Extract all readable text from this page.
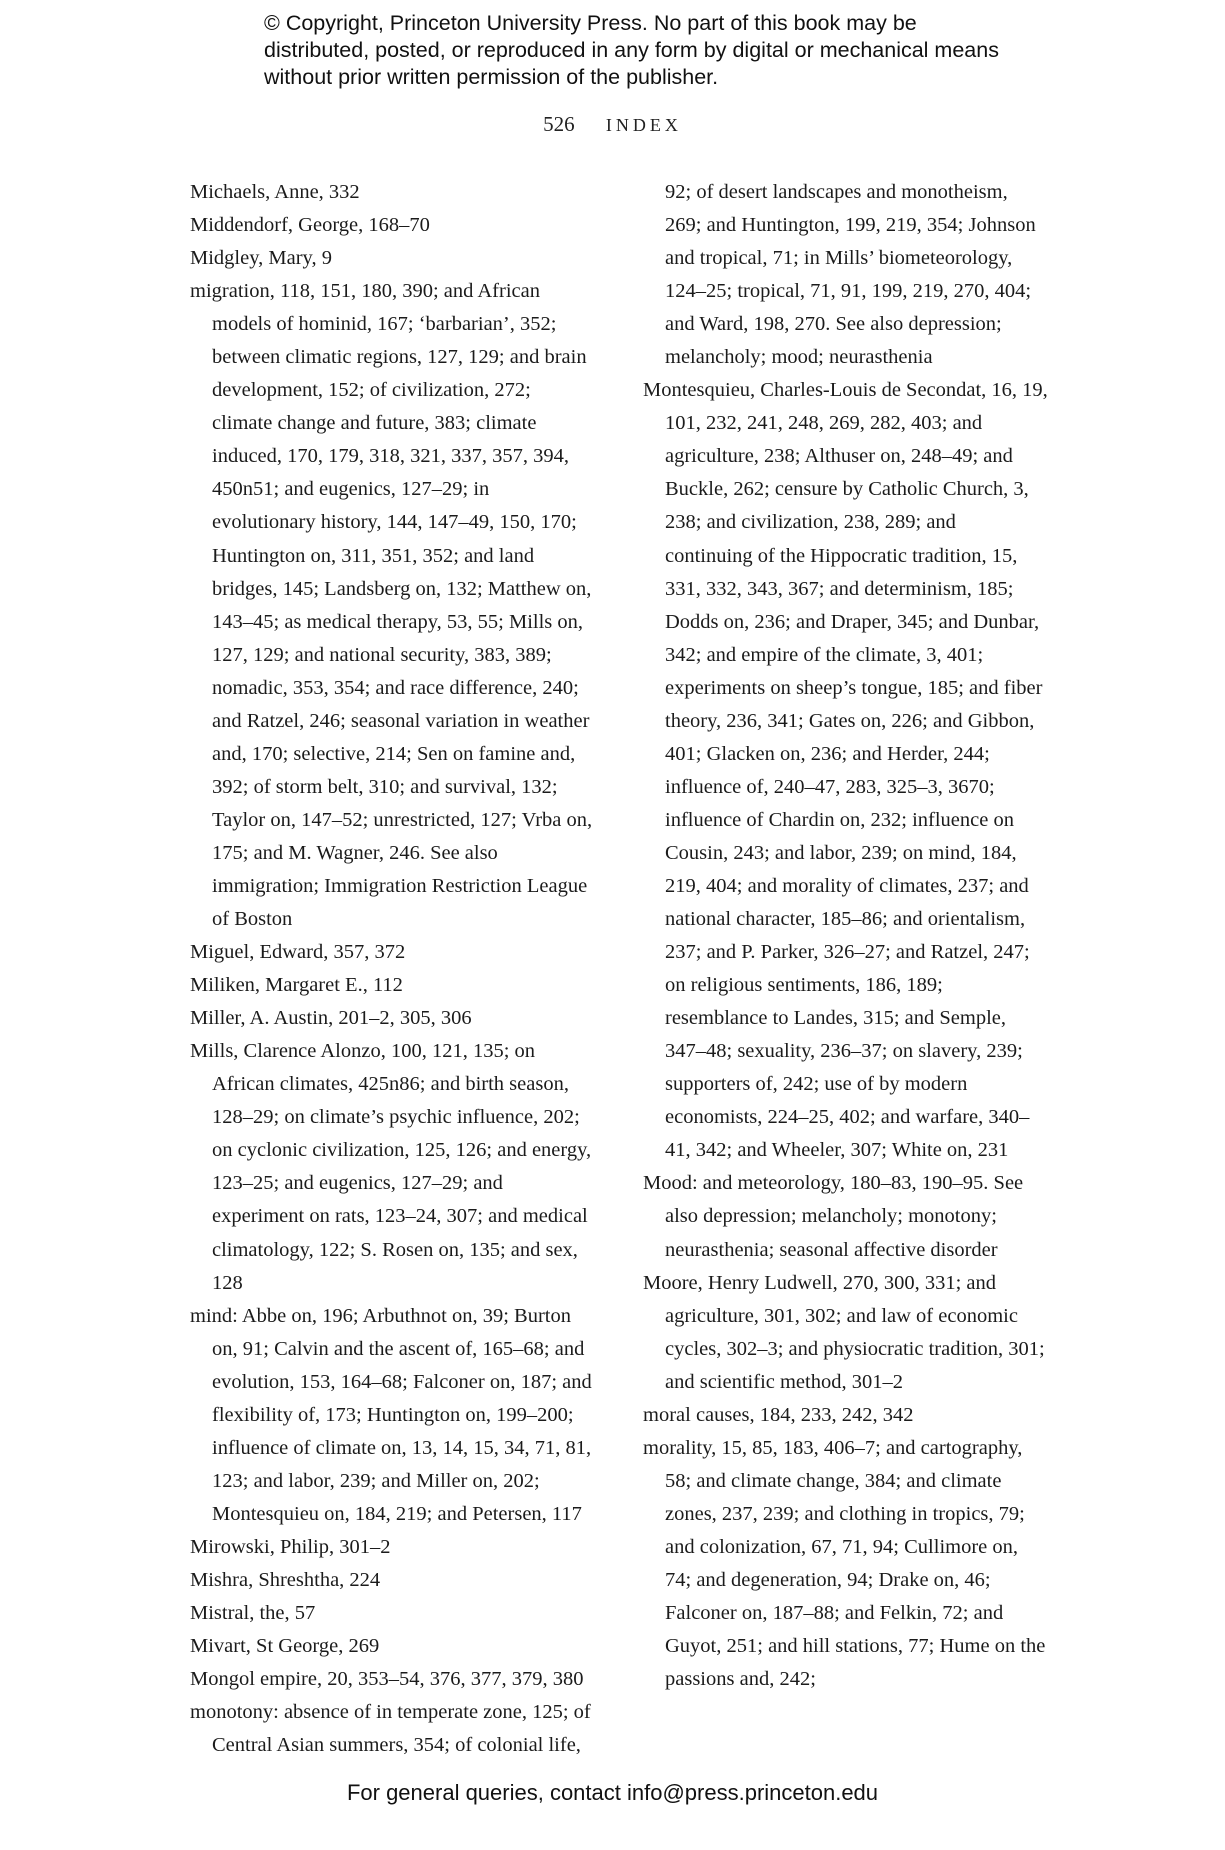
© Copyright, Princeton University Press. No part of this book may be distributed, posted, or reproduced in any form by digital or mechanical means without prior written permission of the publisher.
526 INDEX

Michaels, Anne, 332

Middendorf, George, 168–70

Midgley, Mary, 9

migration, 118, 151, 180, 390; and African models of hominid, 167; ‘barbarian’, 352; between climatic regions, 127, 129; and brain development, 152; of civilization, 272; climate change and future, 383; climate induced, 170, 179, 318, 321, 337, 357, 394, 450n51; and eugenics, 127–29; in evolutionary history, 144, 147–49, 150, 170; Huntington on, 311, 351, 352; and land bridges, 145; Landsberg on, 132; Matthew on, 143–45; as medical therapy, 53, 55; Mills on, 127, 129; and national security, 383, 389; nomadic, 353, 354; and race difference, 240; and Ratzel, 246; seasonal variation in weather and, 170; selective, 214; Sen on famine and, 392; of storm belt, 310; and survival, 132; Taylor on, 147–52; unrestricted, 127; Vrba on, 175; and M. Wagner, 246. See also immigration; Immigration Restriction League of Boston

Miguel, Edward, 357, 372

Miliken, Margaret E., 112

Miller, A. Austin, 201–2, 305, 306

Mills, Clarence Alonzo, 100, 121, 135; on African climates, 425n86; and birth season, 128–29; on climate’s psychic influence, 202; on cyclonic civilization, 125, 126; and energy, 123–25; and eugenics, 127–29; and experiment on rats, 123–24, 307; and medical climatology, 122; S. Rosen on, 135; and sex, 128

mind: Abbe on, 196; Arbuthnot on, 39; Burton on, 91; Calvin and the ascent of, 165–68; and evolution, 153, 164–68; Falconer on, 187; and flexibility of, 173; Huntington on, 199–200; influence of climate on, 13, 14, 15, 34, 71, 81, 123; and labor, 239; and Miller on, 202; Montesquieu on, 184, 219; and Petersen, 117

Mirowski, Philip, 301–2

Mishra, Shreshtha, 224

Mistral, the, 57

Mivart, St George, 269

Mongol empire, 20, 353–54, 376, 377, 379, 380

monotony: absence of in temperate zone, 125; of Central Asian summers, 354; of colonial life,

92; of desert landscapes and monotheism, 269; and Huntington, 199, 219, 354; Johnson and tropical, 71; in Mills’ biometeorology, 124–25; tropical, 71, 91, 199, 219, 270, 404; and Ward, 198, 270. See also depression; melancholy; mood; neurasthenia

Montesquieu, Charles-Louis de Secondat, 16, 19, 101, 232, 241, 248, 269, 282, 403; and agriculture, 238; Althuser on, 248–49; and Buckle, 262; censure by Catholic Church, 3, 238; and civilization, 238, 289; and continuing of the Hippocratic tradition, 15, 331, 332, 343, 367; and determinism, 185; Dodds on, 236; and Draper, 345; and Dunbar, 342; and empire of the climate, 3, 401; experiments on sheep’s tongue, 185; and fiber theory, 236, 341; Gates on, 226; and Gibbon, 401; Glacken on, 236; and Herder, 244; influence of, 240–47, 283, 325–3, 3670; influence of Chardin on, 232; influence on Cousin, 243; and labor, 239; on mind, 184, 219, 404; and morality of climates, 237; and national character, 185–86; and orientalism, 237; and P. Parker, 326–27; and Ratzel, 247; on religious sentiments, 186, 189; resemblance to Landes, 315; and Semple, 347–48; sexuality, 236–37; on slavery, 239; supporters of, 242; use of by modern economists, 224–25, 402; and warfare, 340–41, 342; and Wheeler, 307; White on, 231

Mood: and meteorology, 180–83, 190–95. See also depression; melancholy; monotony; neurasthenia; seasonal affective disorder

Moore, Henry Ludwell, 270, 300, 331; and agriculture, 301, 302; and law of economic cycles, 302–3; and physiocratic tradition, 301; and scientific method, 301–2

moral causes, 184, 233, 242, 342

morality, 15, 85, 183, 406–7; and cartography, 58; and climate change, 384; and climate zones, 237, 239; and clothing in tropics, 79; and colonization, 67, 71, 94; Cullimore on, 74; and degeneration, 94; Drake on, 46; Falconer on, 187–88; and Felkin, 72; and Guyot, 251; and hill stations, 77; Hume on the passions and, 242;

For general queries, contact info@press.princeton.edu
